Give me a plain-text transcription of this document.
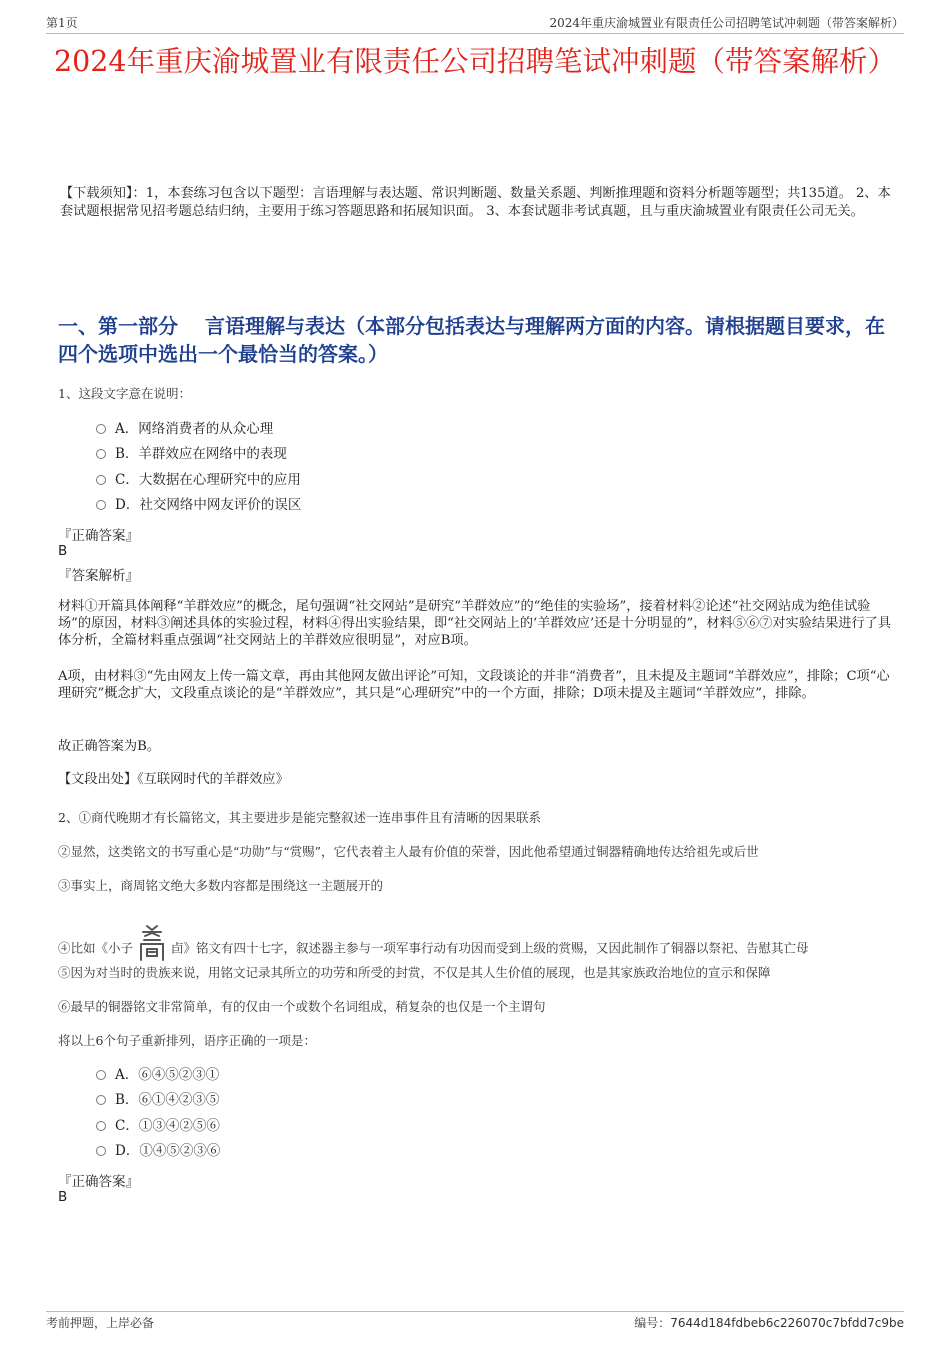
第1页	2024年重庆渝城置业有限责任公司招聘笔试冲刺题（带答案解析）
2024年重庆渝城置业有限责任公司招聘笔试冲刺题（带答案解析）

【下载须知】：1，本套练习包含以下题型：言语理解与表达题、常识判断题、数量关系题、判断推理题和资料分析题等题型；共135道。 2、本套试题根据常见招考题总结归纳，主要用于练习答题思路和拓展知识面。 3、本套试题非考试真题，且与重庆渝城置业有限责任公司无关。

一、第一部分　 言语理解与表达（本部分包括表达与理解两方面的内容。请根据题目要求，在四个选项中选出一个最恰当的答案。）
1、这段文字意在说明：
A．网络消费者的从众心理
B．羊群效应在网络中的表现
C．大数据在心理研究中的应用
D．社交网络中网友评价的误区
『正确答案』
B
『答案解析』

材料①开篇具体阐释“羊群效应”的概念，尾句强调“社交网站”是研究“羊群效应”的“绝佳的实验场”，接着材料②论述“社交网站成为绝佳试验场”的原因，材料③阐述具体的实验过程，材料④得出实验结果，即“社交网站上的‘羊群效应’还是十分明显的”，材料⑤⑥⑦对实验结果进行了具体分析，全篇材料重点强调“社交网站上的羊群效应很明显”，对应B项。

A项，由材料③“先由网友上传一篇文章，再由其他网友做出评论”可知，文段谈论的并非“消费者”，且未提及主题词“羊群效应”，排除；C项“心理研究”概念扩大，文段重点谈论的是“羊群效应”，其只是“心理研究”中的一个方面，排除；D项未提及主题词“羊群效应”，排除。

故正确答案为B。

【文段出处】《互联网时代的羊群效应》

2、①商代晚期才有长篇铭文，其主要进步是能完整叙述一连串事件且有清晰的因果联系
②显然，这类铭文的书写重心是“功勋”与“赏赐”，它代表着主人最有价值的荣誉，因此他希望通过铜器精确地传达给祖先或后世
③事实上，商周铭文绝大多数内容都是围绕这一主题展开的
④比如《小子	卣》铭文有四十七字，叙述器主参与一项军事行动有功因而受到上级的赏赐，又因此制作了铜器以祭祀、告慰其亡母
⑤因为对当时的贵族来说，用铭文记录其所立的功劳和所受的封赏，不仅是其人生价值的展现，也是其家族政治地位的宣示和保障
⑥最早的铜器铭文非常简单，有的仅由一个或数个名词组成，稍复杂的也仅是一个主谓句
将以上6个句子重新排列，语序正确的一项是：
A．⑥④⑤②③①
B．⑥①④②③⑤
C．①③④②⑤⑥
D．①④⑤②③⑥
『正确答案』
B
考前押题，上岸必备	编号：7644d184fdbeb6c226070c7bfdd7c9be
